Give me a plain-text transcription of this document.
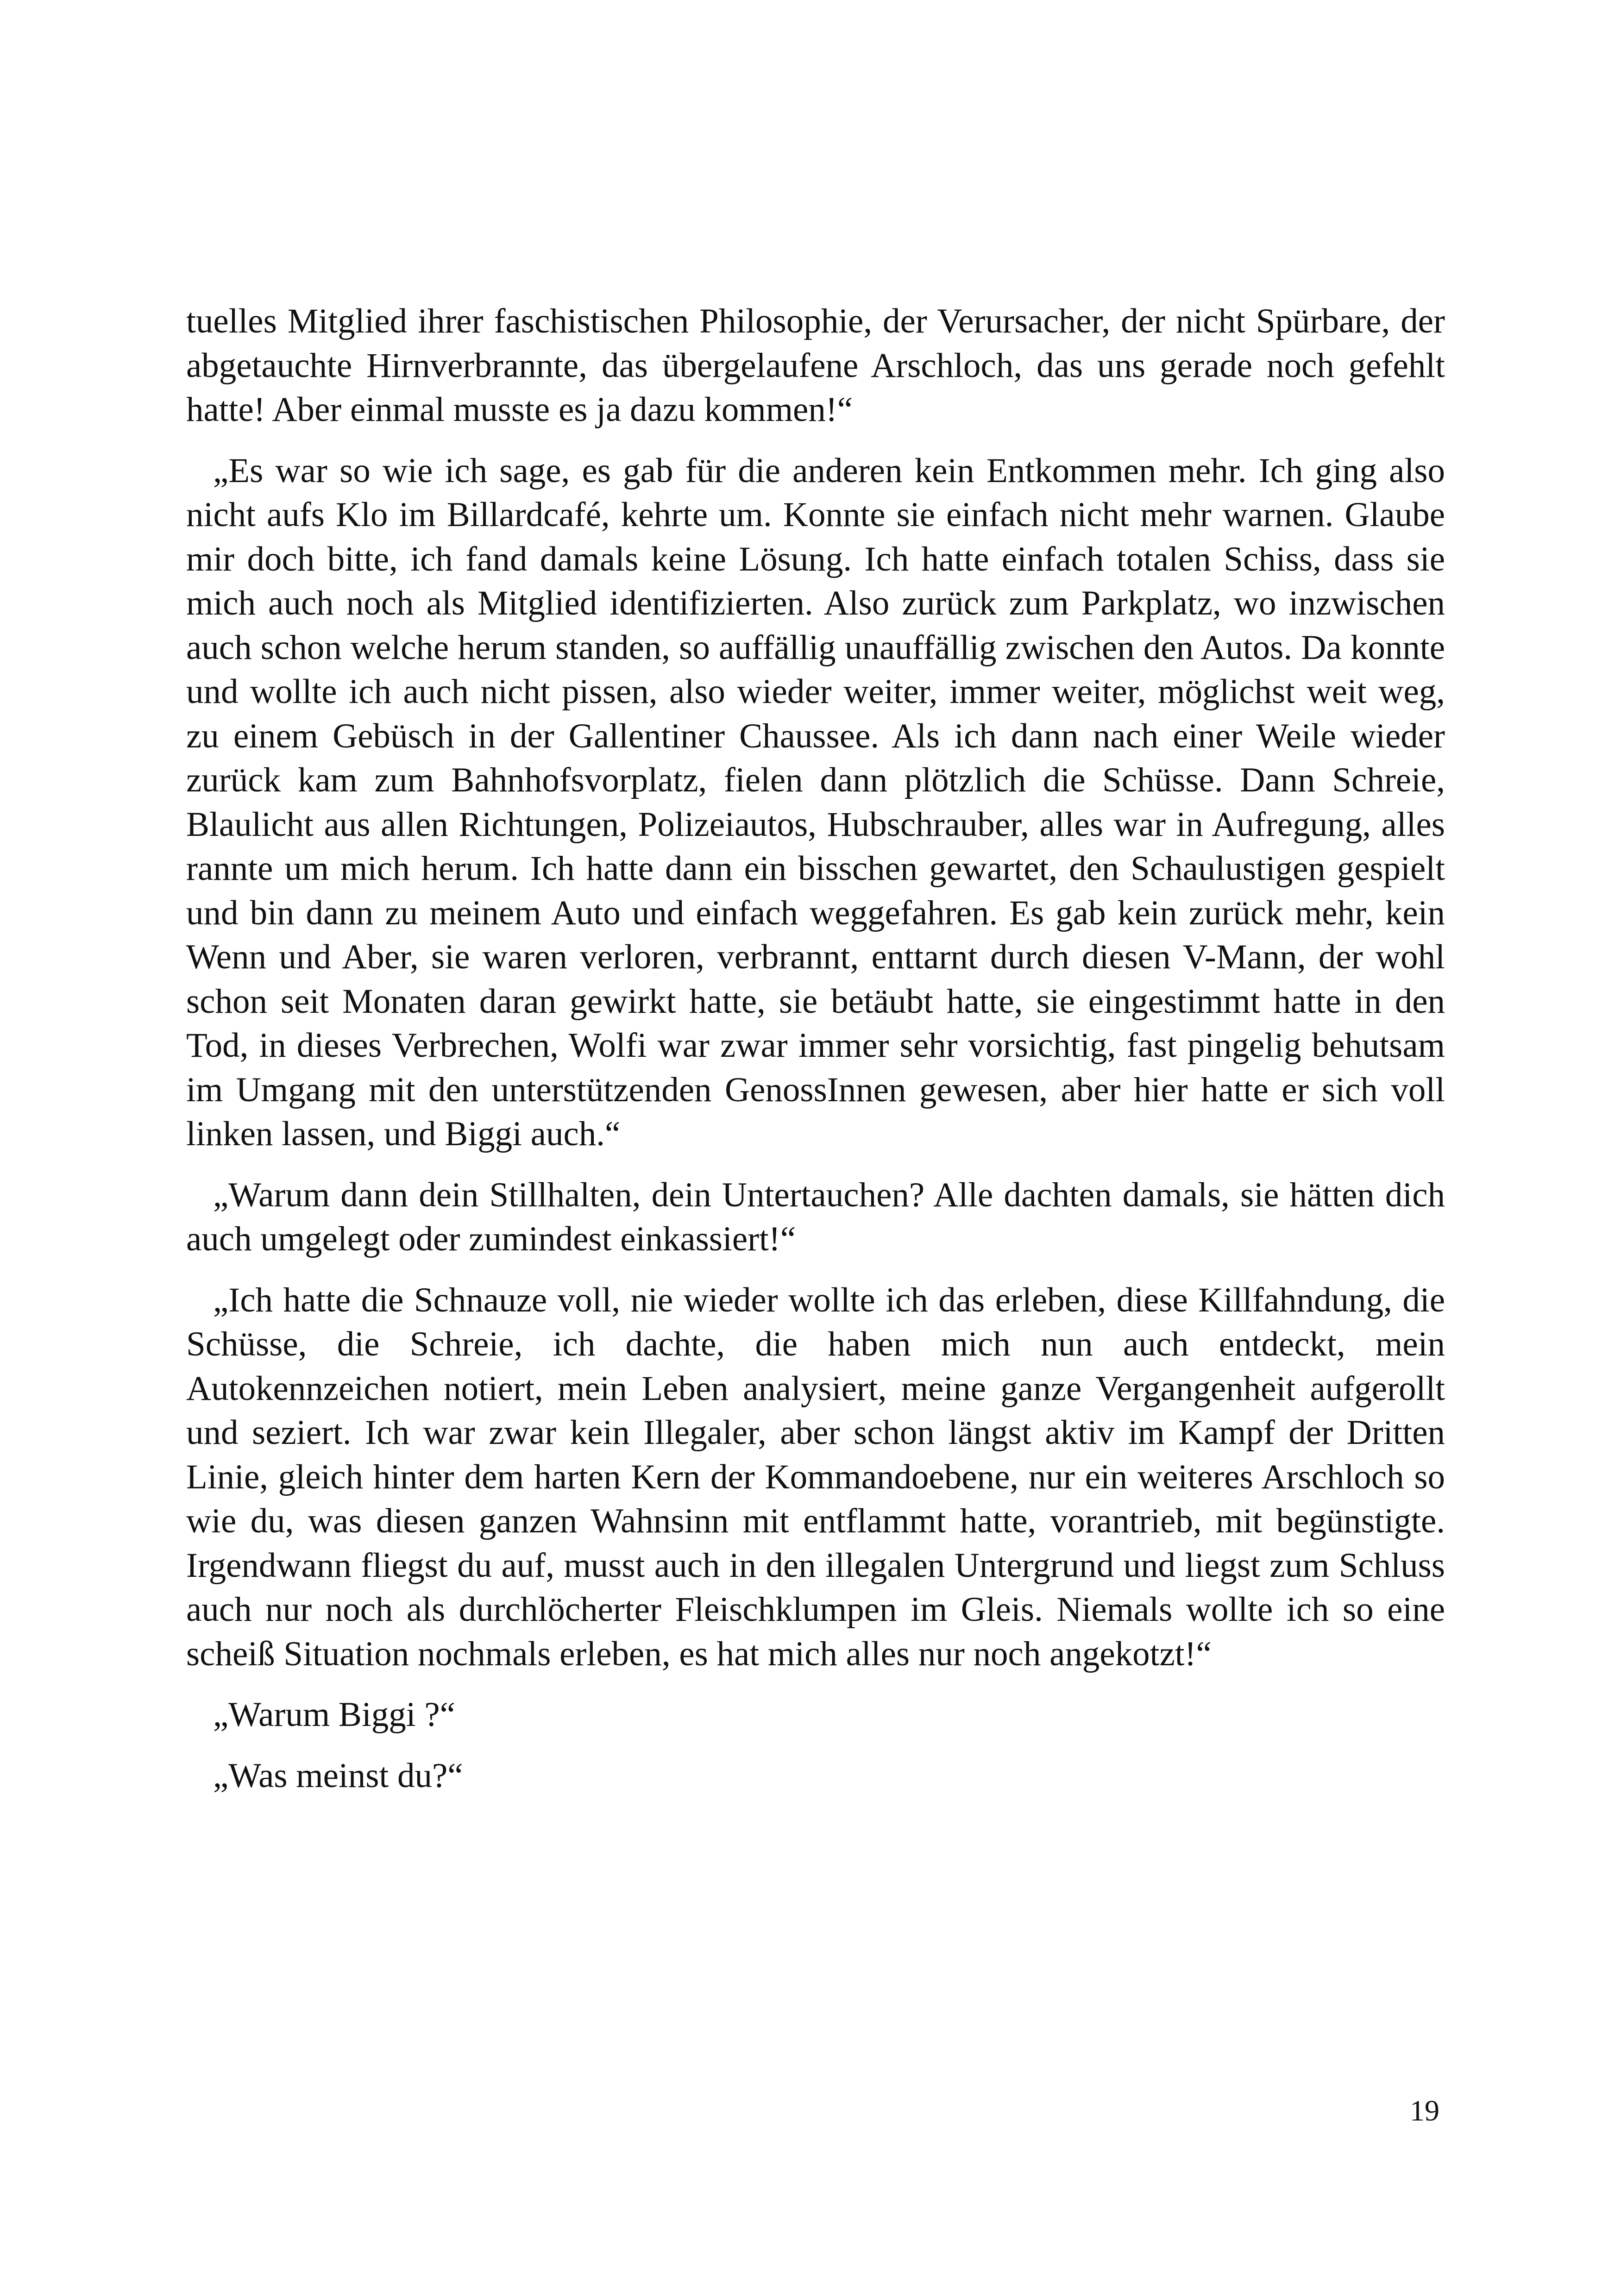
tuelles Mitglied ihrer faschistischen Philosophie, der Verursacher, der nicht Spürbare, der abgetauchte Hirnverbrannte, das übergelaufene Arschloch, das uns gerade noch gefehlt hatte! Aber einmal musste es ja dazu kommen!“

„Es war so wie ich sage, es gab für die anderen kein Entkommen mehr. Ich ging also nicht aufs Klo im Billardcafé, kehrte um. Konnte sie einfach nicht mehr warnen. Glaube mir doch bitte, ich fand damals keine Lösung. Ich hatte einfach totalen Schiss, dass sie mich auch noch als Mitglied identifizierten. Also zurück zum Parkplatz, wo inzwischen auch schon welche herum standen, so auffällig unauffällig zwischen den Autos. Da konnte und wollte ich auch nicht pissen, also wieder weiter, immer weiter, möglichst weit weg, zu einem Gebüsch in der Gallentiner Chaussee. Als ich dann nach einer Weile wieder zurück kam zum Bahnhofsvorplatz, fielen dann plötzlich die Schüsse. Dann Schreie, Blaulicht aus allen Richtungen, Polizeiautos, Hubschrauber, alles war in Aufregung, alles rannte um mich herum. Ich hatte dann ein bisschen gewartet, den Schaulustigen gespielt und bin dann zu meinem Auto und einfach weggefahren. Es gab kein zurück mehr, kein Wenn und Aber, sie waren verloren, verbrannt, enttarnt durch diesen V-Mann, der wohl schon seit Monaten daran gewirkt hatte, sie betäubt hatte, sie eingestimmt hatte in den Tod, in dieses Verbrechen, Wolfi war zwar immer sehr vorsichtig, fast pingelig behutsam im Umgang mit den unterstützenden GenossInnen gewesen, aber hier hatte er sich voll linken lassen, und Biggi auch.“

„Warum dann dein Stillhalten, dein Untertauchen? Alle dachten damals, sie hätten dich auch umgelegt oder zumindest einkassiert!“

„Ich hatte die Schnauze voll, nie wieder wollte ich das erleben, diese Killfahndung, die Schüsse, die Schreie, ich dachte, die haben mich nun auch entdeckt, mein Autokennzeichen notiert, mein Leben analysiert, meine ganze Vergangenheit aufgerollt und seziert. Ich war zwar kein Illegaler, aber schon längst aktiv im Kampf der Dritten Linie, gleich hinter dem harten Kern der Kommandoebene, nur ein weiteres Arschloch so wie du, was diesen ganzen Wahnsinn mit entflammt hatte, vorantrieb, mit begünstigte. Irgendwann fliegst du auf, musst auch in den illegalen Untergrund und liegst zum Schluss auch nur noch als durchlöcherter Fleischklumpen im Gleis. Niemals wollte ich so eine scheiß Situation nochmals erleben, es hat mich alles nur noch angekotzt!“

„Warum Biggi ?“

„Was meinst du?“

19
